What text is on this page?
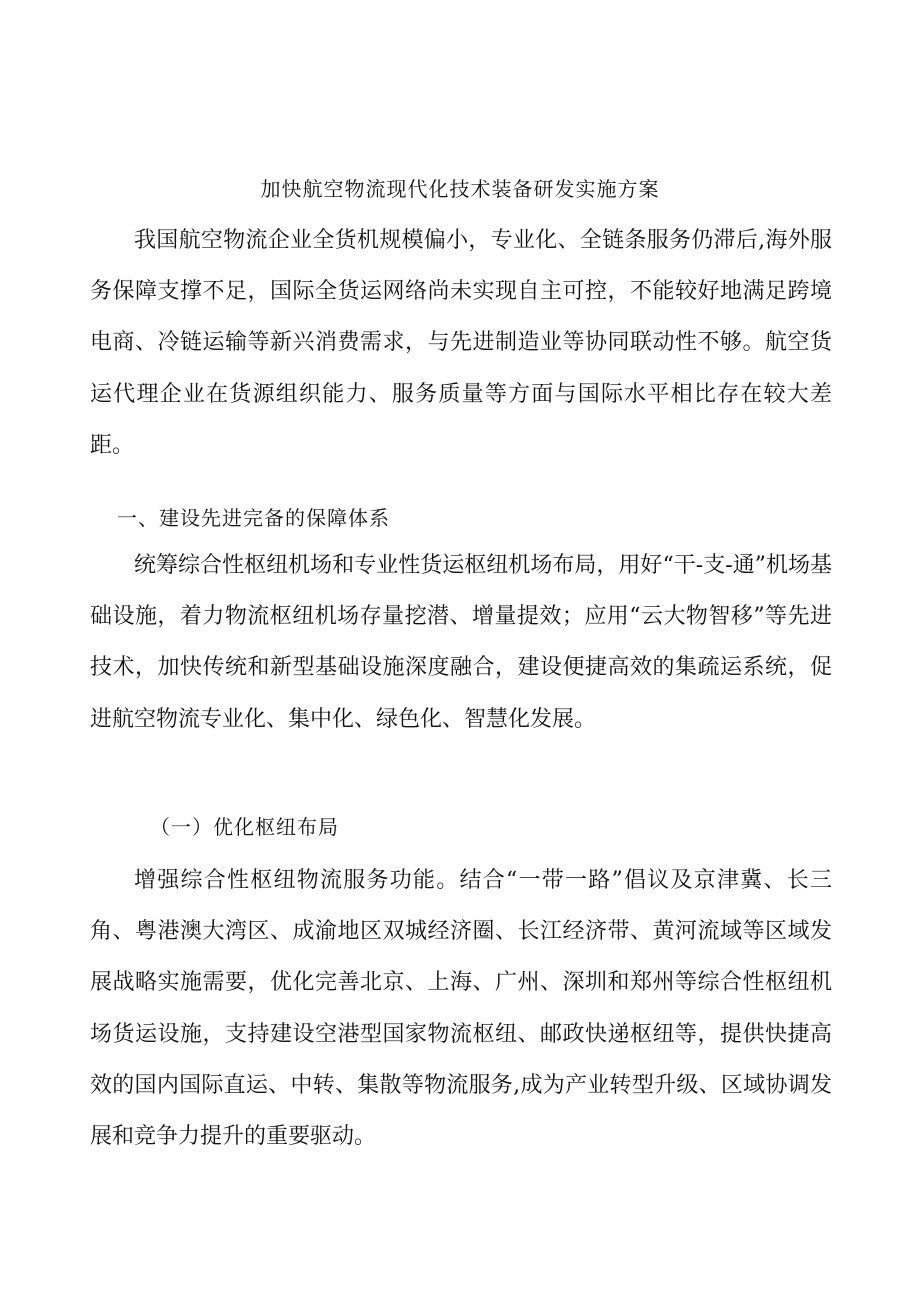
加快航空物流现代化技术装备研发实施方案

我国航空物流企业全货机规模偏小，专业化、全链条服务仍滞后,海外服务保障支撑不足，国际全货运网络尚未实现自主可控，不能较好地满足跨境电商、冷链运输等新兴消费需求，与先进制造业等协同联动性不够。航空货运代理企业在货源组织能力、服务质量等方面与国际水平相比存在较大差距。

一、建设先进完备的保障体系

统筹综合性枢纽机场和专业性货运枢纽机场布局，用好“干-支-通”机场基础设施，着力物流枢纽机场存量挖潜、增量提效；应用“云大物智移”等先进技术，加快传统和新型基础设施深度融合，建设便捷高效的集疏运系统，促进航空物流专业化、集中化、绿色化、智慧化发展。

（一）优化枢纽布局

增强综合性枢纽物流服务功能。结合“一带一路”倡议及京津冀、长三角、粤港澳大湾区、成渝地区双城经济圈、长江经济带、黄河流域等区域发展战略实施需要，优化完善北京、上海、广州、深圳和郑州等综合性枢纽机场货运设施，支持建设空港型国家物流枢纽、邮政快递枢纽等，提供快捷高效的国内国际直运、中转、集散等物流服务,成为产业转型升级、区域协调发展和竞争力提升的重要驱动。
